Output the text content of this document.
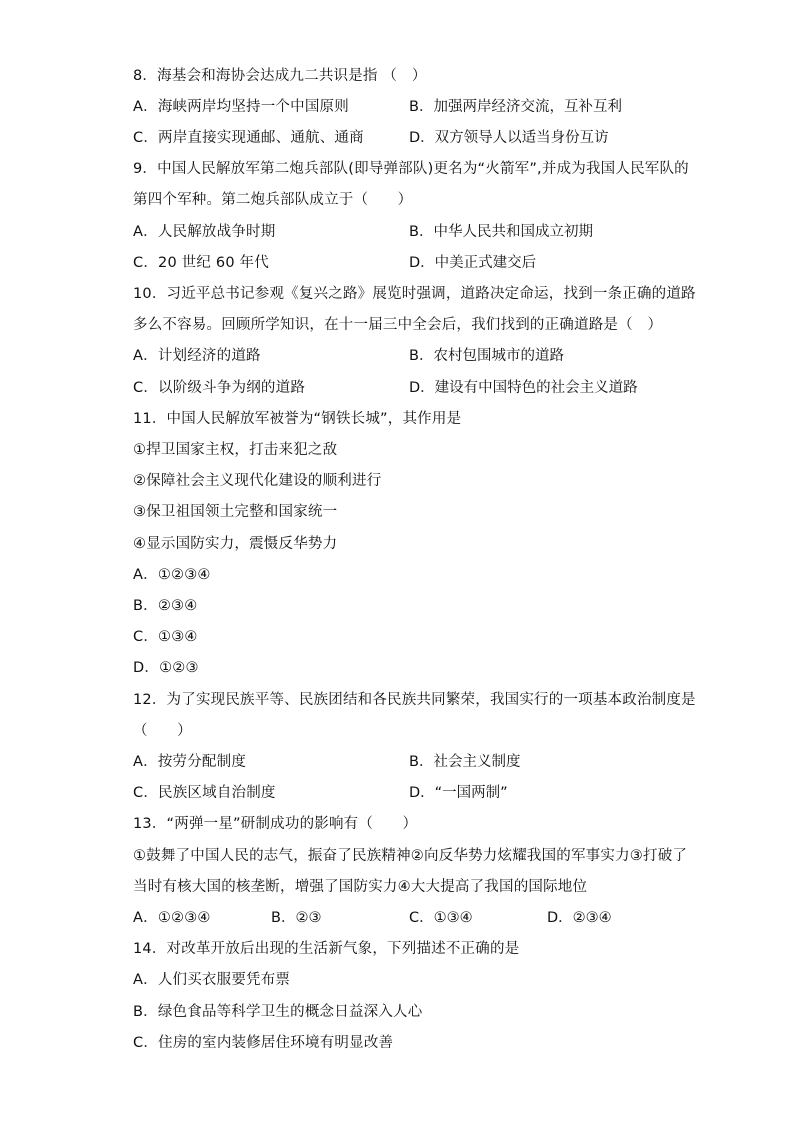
8．海基会和海协会达成九二共识是指 （　）
A．海峡两岸均坚持一个中国原则	B．加强两岸经济交流，互补互利
C．两岸直接实现通邮、通航、通商	D．双方领导人以适当身份互访
9．中国人民解放军第二炮兵部队(即导弹部队)更名为“火箭军”,并成为我国人民军队的
第四个军种。第二炮兵部队成立于（　　）
A．人民解放战争时期	B．中华人民共和国成立初期
C．20 世纪 60 年代	D．中美正式建交后
10．习近平总书记参观《复兴之路》展览时强调，道路决定命运，找到一条正确的道路
多么不容易。回顾所学知识，在十一届三中全会后，我们找到的正确道路是（　）
A．计划经济的道路	B．农村包围城市的道路
C．以阶级斗争为纲的道路	D．建设有中国特色的社会主义道路
11．中国人民解放军被誉为“钢铁长城”，其作用是
①捍卫国家主权，打击来犯之敌
②保障社会主义现代化建设的顺利进行
③保卫祖国领土完整和国家统一
④显示国防实力，震慑反华势力
A．①②③④
B．②③④
C．①③④
D．①②③
12．为了实现民族平等、民族团结和各民族共同繁荣，我国实行的一项基本政治制度是
（　　）
A．按劳分配制度	B．社会主义制度
C．民族区域自治制度	D．“一国两制”
13．“两弹一星”研制成功的影响有（　　）
①鼓舞了中国人民的志气，振奋了民族精神②向反华势力炫耀我国的军事实力③打破了
当时有核大国的核垄断，增强了国防实力④大大提高了我国的国际地位
A．①②③④	B．②③	C．①③④	D．②③④
14．对改革开放后出现的生活新气象，下列描述不正确的是
A．人们买衣服要凭布票
B．绿色食品等科学卫生的概念日益深入人心
C．住房的室内装修居住环境有明显改善
